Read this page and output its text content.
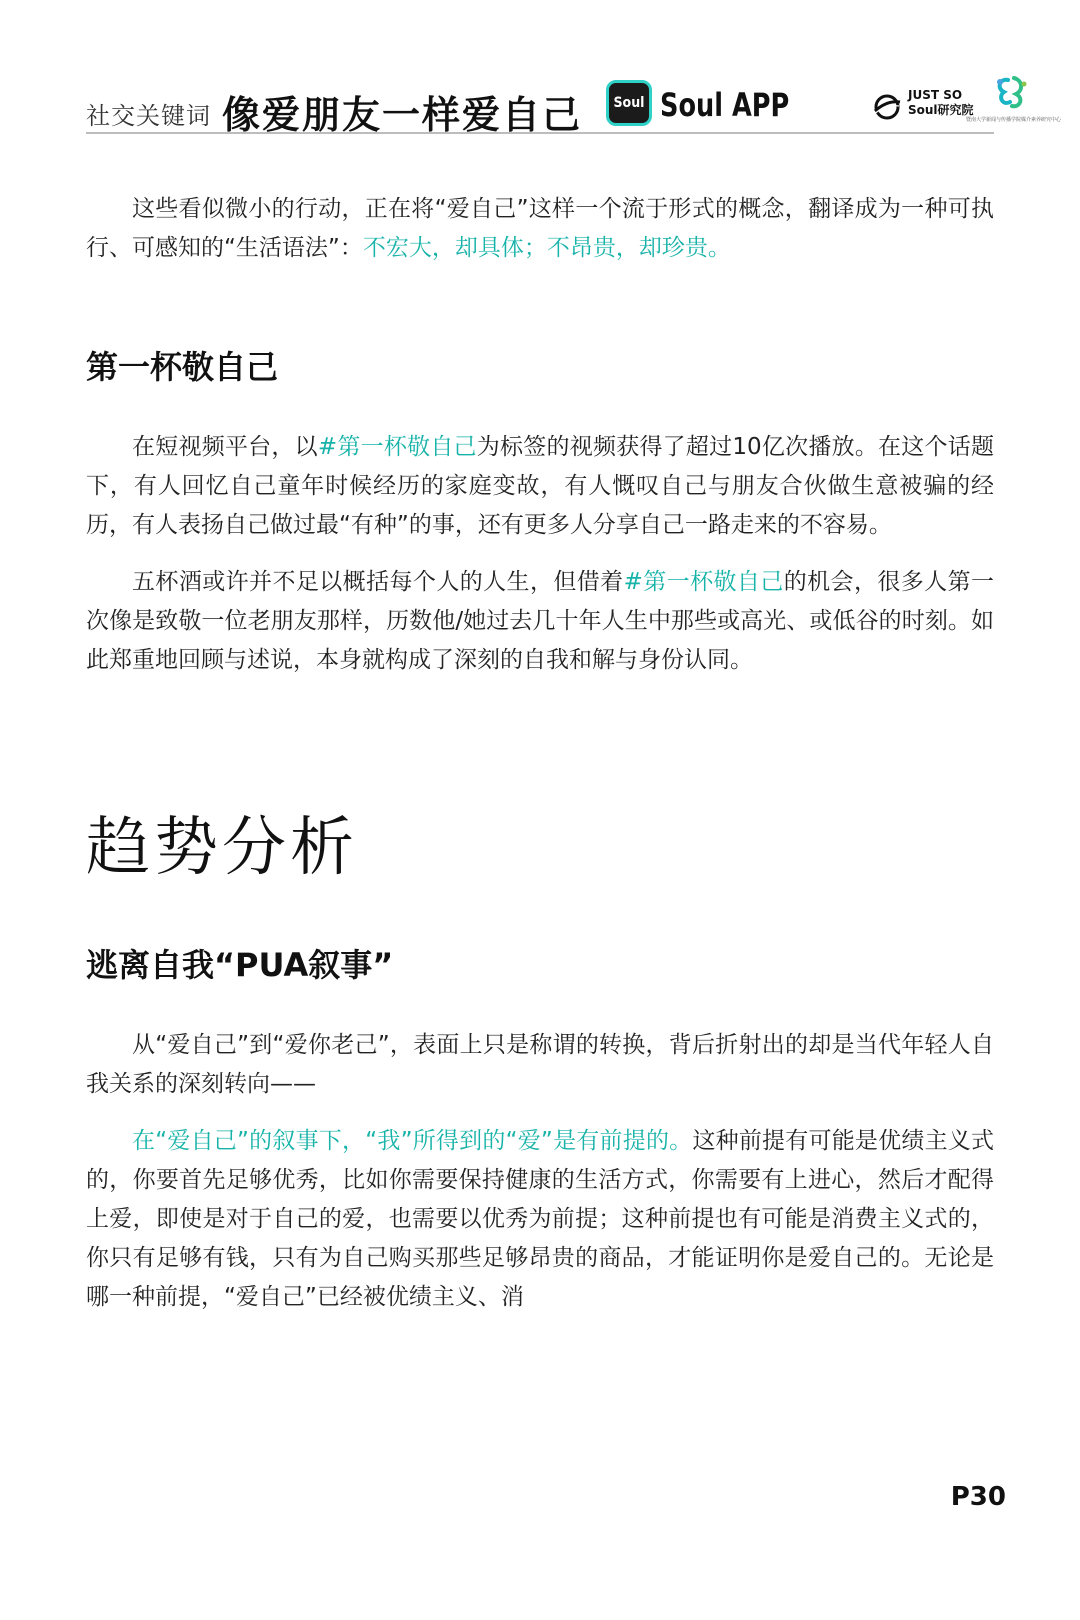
社交关键词 像爱朋友一样爱自己	Soul Soul APP	JUST SO
Soul研究院
暨南大学新闻与传播学院媒介素养研究中心

这些看似微小的行动，正在将“爱自己”这样一个流于形式的概念，翻译成为一种可执行、可感知的“生活语法”：不宏大，却具体；不昂贵，却珍贵。

第一杯敬自己

在短视频平台，以#第一杯敬自己为标签的视频获得了超过10亿次播放。在这个话题下，有人回忆自己童年时候经历的家庭变故，有人慨叹自己与朋友合伙做生意被骗的经历，有人表扬自己做过最“有种”的事，还有更多人分享自己一路走来的不容易。

五杯酒或许并不足以概括每个人的人生，但借着#第一杯敬自己的机会，很多人第一次像是致敬一位老朋友那样，历数他/她过去几十年人生中那些或高光、或低谷的时刻。如此郑重地回顾与述说，本身就构成了深刻的自我和解与身份认同。

趋势分析
逃离自我“PUA叙事”

从“爱自己”到“爱你老己”，表面上只是称谓的转换，背后折射出的却是当代年轻人自我关系的深刻转向——

在“爱自己”的叙事下，“我”所得到的“爱”是有前提的。这种前提有可能是优绩主义式的，你要首先足够优秀，比如你需要保持健康的生活方式，你需要有上进心，然后才配得上爱，即使是对于自己的爱，也需要以优秀为前提；这种前提也有可能是消费主义式的，你只有足够有钱，只有为自己购买那些足够昂贵的商品，才能证明你是爱自己的。无论是哪一种前提，“爱自己”已经被优绩主义、消

P30
